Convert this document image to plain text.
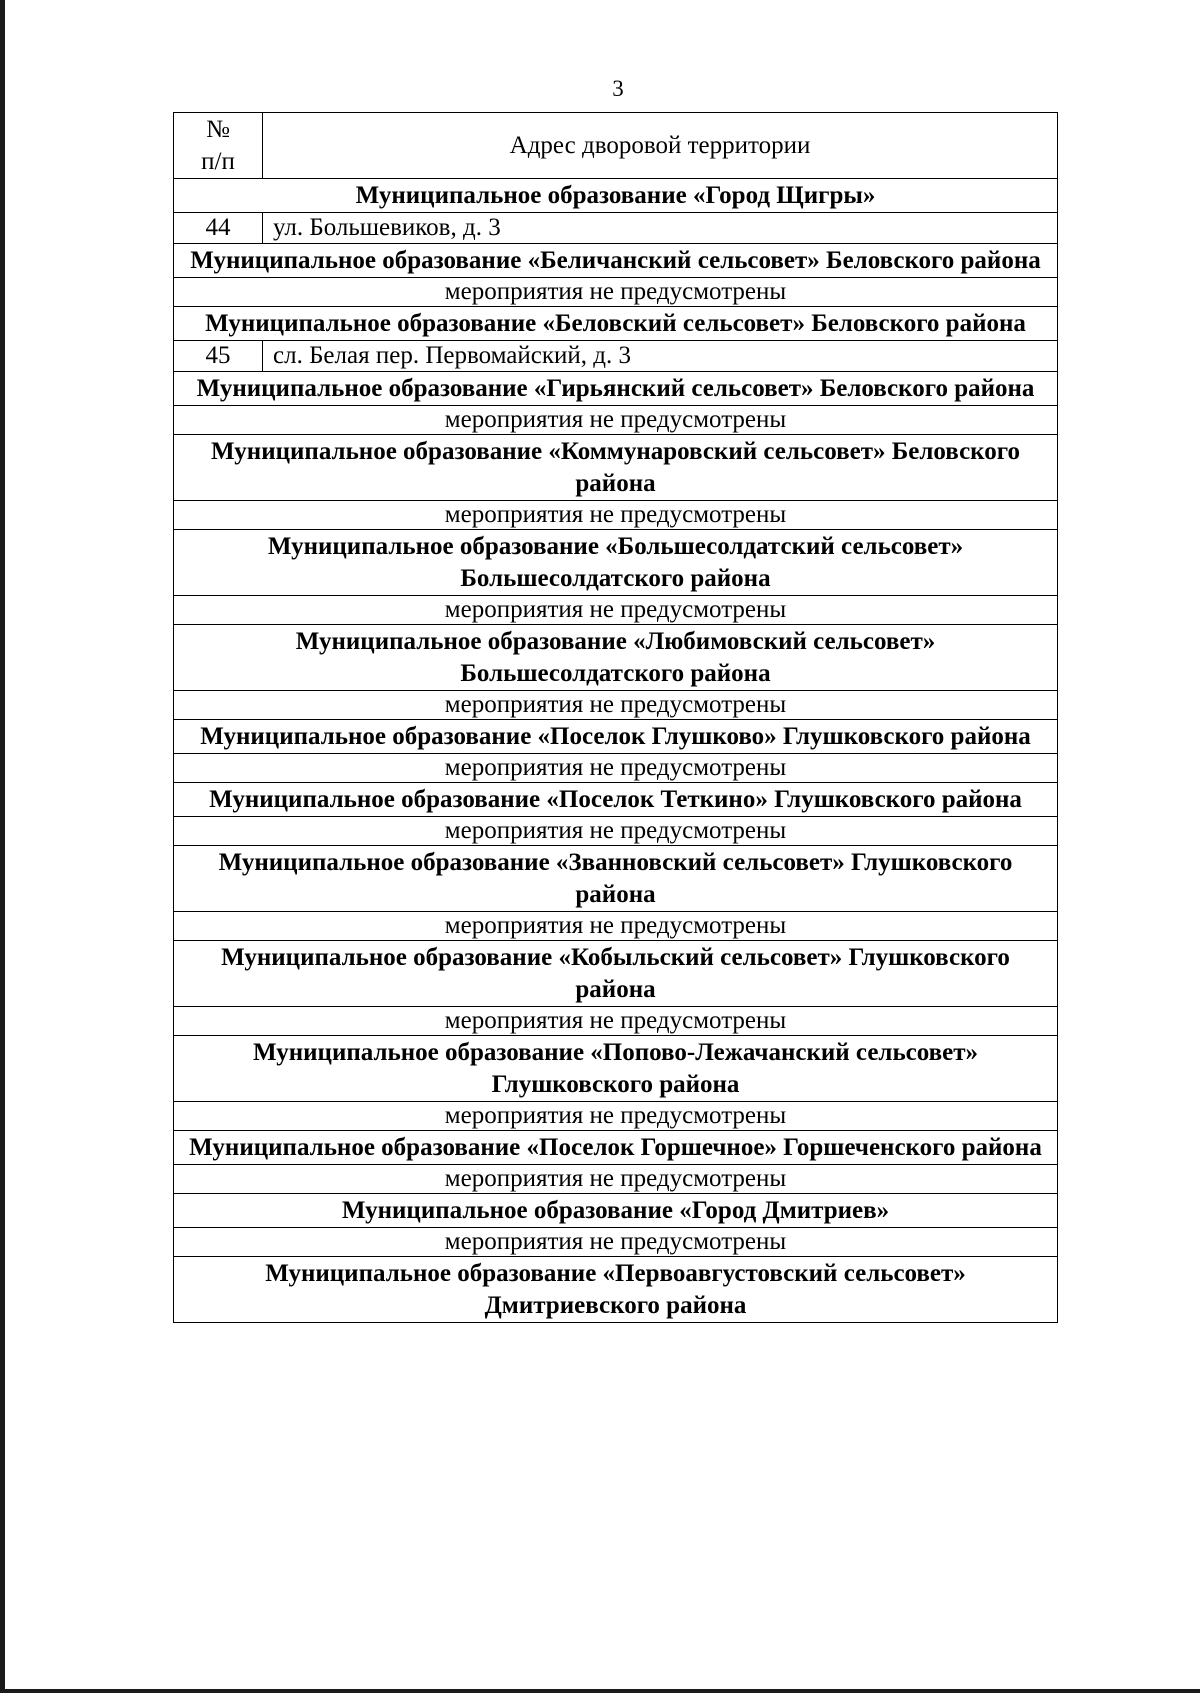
3
№
п/п	Адрес дворовой территории
Муниципальное образование «Город Щигры»	
44	ул. Большевиков, д. 3
Муниципальное образование «Беличанский сельсовет» Беловского района	
мероприятия не предусмотрены	
Муниципальное образование «Беловский сельсовет» Беловского района	
45	сл. Белая пер. Первомайский, д. 3
Муниципальное образование «Гирьянский сельсовет» Беловского района	
мероприятия не предусмотрены	
Муниципальное образование «Коммунаровский сельсовет» Беловского района	
мероприятия не предусмотрены	
Муниципальное образование «Большесолдатский сельсовет» Большесолдатского района	
мероприятия не предусмотрены	
Муниципальное образование «Любимовский сельсовет» Большесолдатского района	
мероприятия не предусмотрены	
Муниципальное образование «Поселок Глушково» Глушковского района	
мероприятия не предусмотрены	
Муниципальное образование «Поселок Теткино» Глушковского района	
мероприятия не предусмотрены	
Муниципальное образование «Званновский сельсовет» Глушковского района	
мероприятия не предусмотрены	
Муниципальное образование «Кобыльский сельсовет» Глушковского района	
мероприятия не предусмотрены	
Муниципальное образование «Попово-Лежачанский сельсовет» Глушковского района	
мероприятия не предусмотрены	
Муниципальное образование «Поселок Горшечное» Горшеченского района	
мероприятия не предусмотрены	
Муниципальное образование «Город Дмитриев»	
мероприятия не предусмотрены	
Муниципальное образование «Первоавгустовский сельсовет» Дмитриевского района	
